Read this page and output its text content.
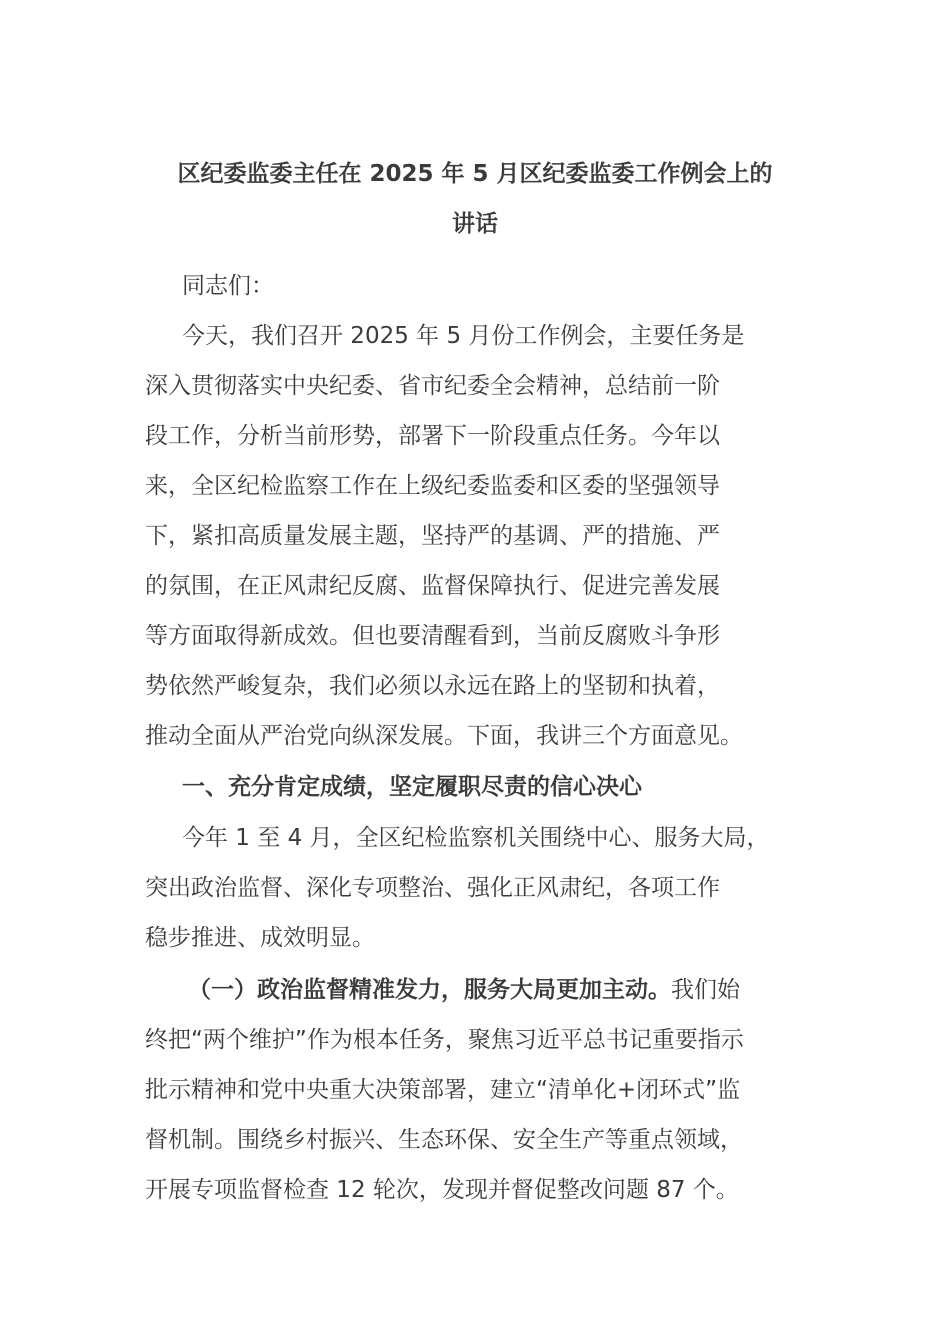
区纪委监委主任在 2025 年 5 月区纪委监委工作例会上的

讲话

同志们：

今天，我们召开 2025 年 5 月份工作例会，主要任务是

深入贯彻落实中央纪委、省市纪委全会精神，总结前一阶

段工作，分析当前形势，部署下一阶段重点任务。今年以

来，全区纪检监察工作在上级纪委监委和区委的坚强领导

下，紧扣高质量发展主题，坚持严的基调、严的措施、严

的氛围，在正风肃纪反腐、监督保障执行、促进完善发展

等方面取得新成效。但也要清醒看到，当前反腐败斗争形

势依然严峻复杂，我们必须以永远在路上的坚韧和执着，

推动全面从严治党向纵深发展。下面，我讲三个方面意见。

一、充分肯定成绩，坚定履职尽责的信心决心

今年 1 至 4 月，全区纪检监察机关围绕中心、服务大局，

突出政治监督、深化专项整治、强化正风肃纪，各项工作

稳步推进、成效明显。

（一）政治监督精准发力，服务大局更加主动。我们始

终把“两个维护”作为根本任务，聚焦习近平总书记重要指示

批示精神和党中央重大决策部署，建立“清单化+闭环式”监

督机制。围绕乡村振兴、生态环保、安全生产等重点领域，

开展专项监督检查 12 轮次，发现并督促整改问题 87 个。
